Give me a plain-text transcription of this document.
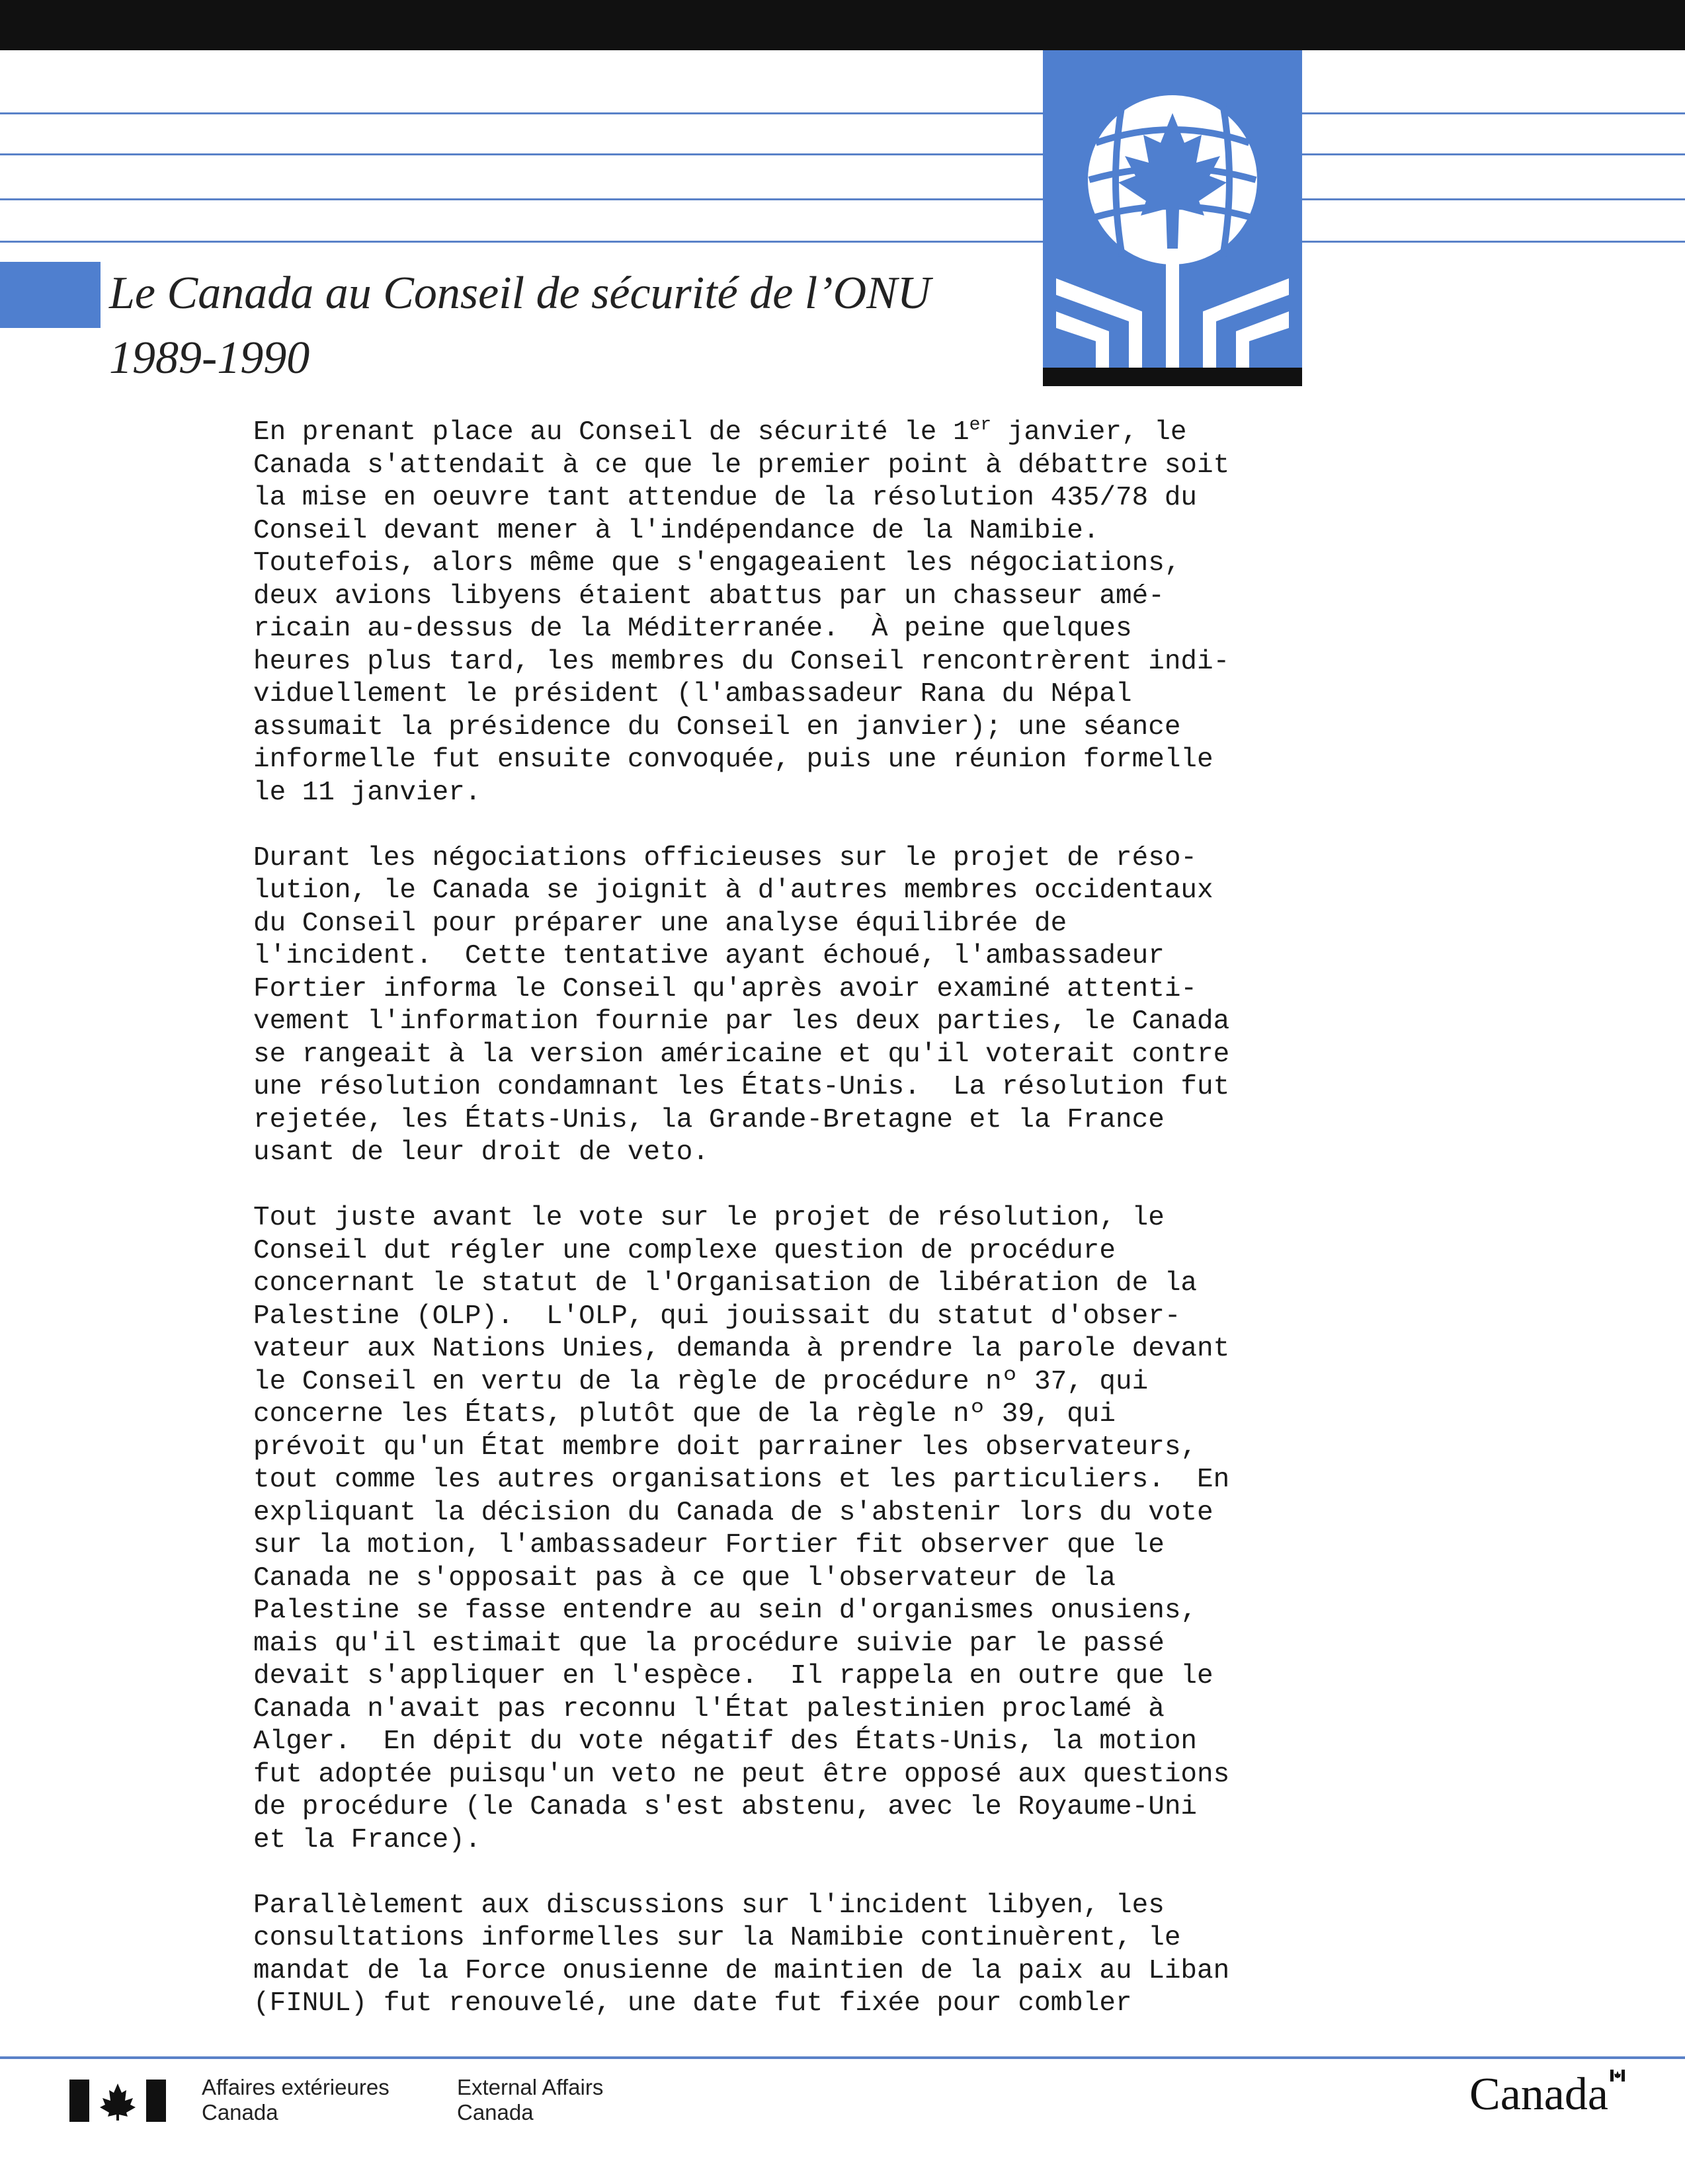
Le Canada au Conseil de sécurité de l’ONU
1989-1990

En prenant place au Conseil de sécurité le 1er janvier, le
Canada s'attendait à ce que le premier point à débattre soit
la mise en oeuvre tant attendue de la résolution 435/78 du
Conseil devant mener à l'indépendance de la Namibie.
Toutefois, alors même que s'engageaient les négociations,
deux avions libyens étaient abattus par un chasseur amé-
ricain au-dessus de la Méditerranée.  À peine quelques
heures plus tard, les membres du Conseil rencontrèrent indi-
viduellement le président (l'ambassadeur Rana du Népal
assumait la présidence du Conseil en janvier); une séance
informelle fut ensuite convoquée, puis une réunion formelle
le 11 janvier.

Durant les négociations officieuses sur le projet de réso-
lution, le Canada se joignit à d'autres membres occidentaux
du Conseil pour préparer une analyse équilibrée de
l'incident.  Cette tentative ayant échoué, l'ambassadeur
Fortier informa le Conseil qu'après avoir examiné attenti-
vement l'information fournie par les deux parties, le Canada
se rangeait à la version américaine et qu'il voterait contre
une résolution condamnant les États-Unis.  La résolution fut
rejetée, les États-Unis, la Grande-Bretagne et la France
usant de leur droit de veto.

Tout juste avant le vote sur le projet de résolution, le
Conseil dut régler une complexe question de procédure
concernant le statut de l'Organisation de libération de la
Palestine (OLP).  L'OLP, qui jouissait du statut d'obser-
vateur aux Nations Unies, demanda à prendre la parole devant
le Conseil en vertu de la règle de procédure nº 37, qui
concerne les États, plutôt que de la règle nº 39, qui
prévoit qu'un État membre doit parrainer les observateurs,
tout comme les autres organisations et les particuliers.  En
expliquant la décision du Canada de s'abstenir lors du vote
sur la motion, l'ambassadeur Fortier fit observer que le
Canada ne s'opposait pas à ce que l'observateur de la
Palestine se fasse entendre au sein d'organismes onusiens,
mais qu'il estimait que la procédure suivie par le passé
devait s'appliquer en l'espèce.  Il rappela en outre que le
Canada n'avait pas reconnu l'État palestinien proclamé à
Alger.  En dépit du vote négatif des États-Unis, la motion
fut adoptée puisqu'un veto ne peut être opposé aux questions
de procédure (le Canada s'est abstenu, avec le Royaume-Uni
et la France).

Parallèlement aux discussions sur l'incident libyen, les
consultations informelles sur la Namibie continuèrent, le
mandat de la Force onusienne de maintien de la paix au Liban
(FINUL) fut renouvelé, une date fut fixée pour combler

Affaires extérieures
Canada
External Affairs
Canada	Canada
